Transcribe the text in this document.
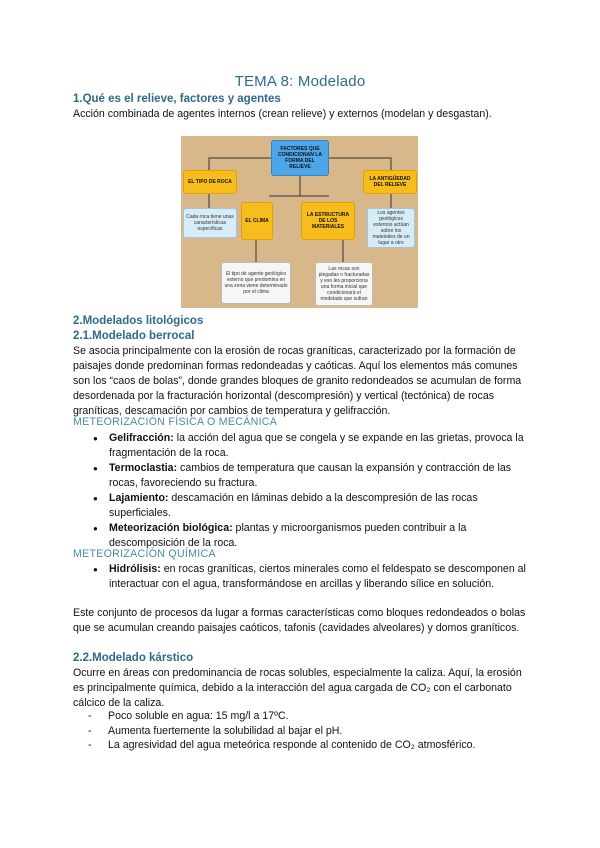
TEMA 8: Modelado
1.Qué es el relieve, factores y agentes
Acción combinada de agentes internos (crean relieve) y externos (modelan y desgastan).
FACTORES QUE CONDICIONAN LA FORMA DEL RELIEVE
EL TIPO DE ROCA	LA ANTIGÜEDAD DEL RELIEVE
EL CLIMA
LA ESTRUCTURA DE LOS MATERIALES
Cada roca tiene unas características específicas
Los agentes geológicos externos actúan sobre los materiales de un lugar a otro
El tipo de agente geológico externo que predomina en una zona viene determinado por el clima
Las rocas son plegadas o fracturadas y eso les proporciona una forma inicial que condicionará el modelado que sufran
2.Modelados litológicos
2.1.Modelado berrocal
Se asocia principalmente con la erosión de rocas graníticas, caracterizado por la formación de paisajes donde predominan formas redondeadas y caóticas. Aquí los elementos más comunes son los “caos de bolas”, donde grandes bloques de granito redondeados se acumulan de forma desordenada por la fracturación horizontal (descompresión) y vertical (tectónica) de rocas graníticas, descamación por cambios de temperatura y gelifracción.
METEORIZACIÓN FÍSICA O MECÁNICA
● Gelifracción: la acción del agua que se congela y se expande en las grietas, provoca la fragmentación de la roca.
● Termoclastia: cambios de temperatura que causan la expansión y contracción de las rocas, favoreciendo su fractura.
● Lajamiento: descamación en láminas debido a la descompresión de las rocas superficiales.
● Meteorización biológica: plantas y microorganismos pueden contribuir a la descomposición de la roca.
METEORIZACIÓN QUÍMICA
● Hidrólisis: en rocas graníticas, ciertos minerales como el feldespato se descomponen al interactuar con el agua, transformándose en arcillas y liberando sílice en solución.
Este conjunto de procesos da lugar a formas características como bloques redondeados o bolas que se acumulan creando paisajes caóticos, tafonis (cavidades alveolares) y domos graníticos.
2.2.Modelado kárstico
Ocurre en áreas con predominancia de rocas solubles, especialmente la caliza. Aquí, la erosión es principalmente química, debido a la interacción del agua cargada de CO₂ con el carbonato cálcico de la caliza.
- Poco soluble en agua: 15 mg/l a 17ºC.
- Aumenta fuertemente la solubilidad al bajar el pH.
- La agresividad del agua meteórica responde al contenido de CO₂ atmosférico.
